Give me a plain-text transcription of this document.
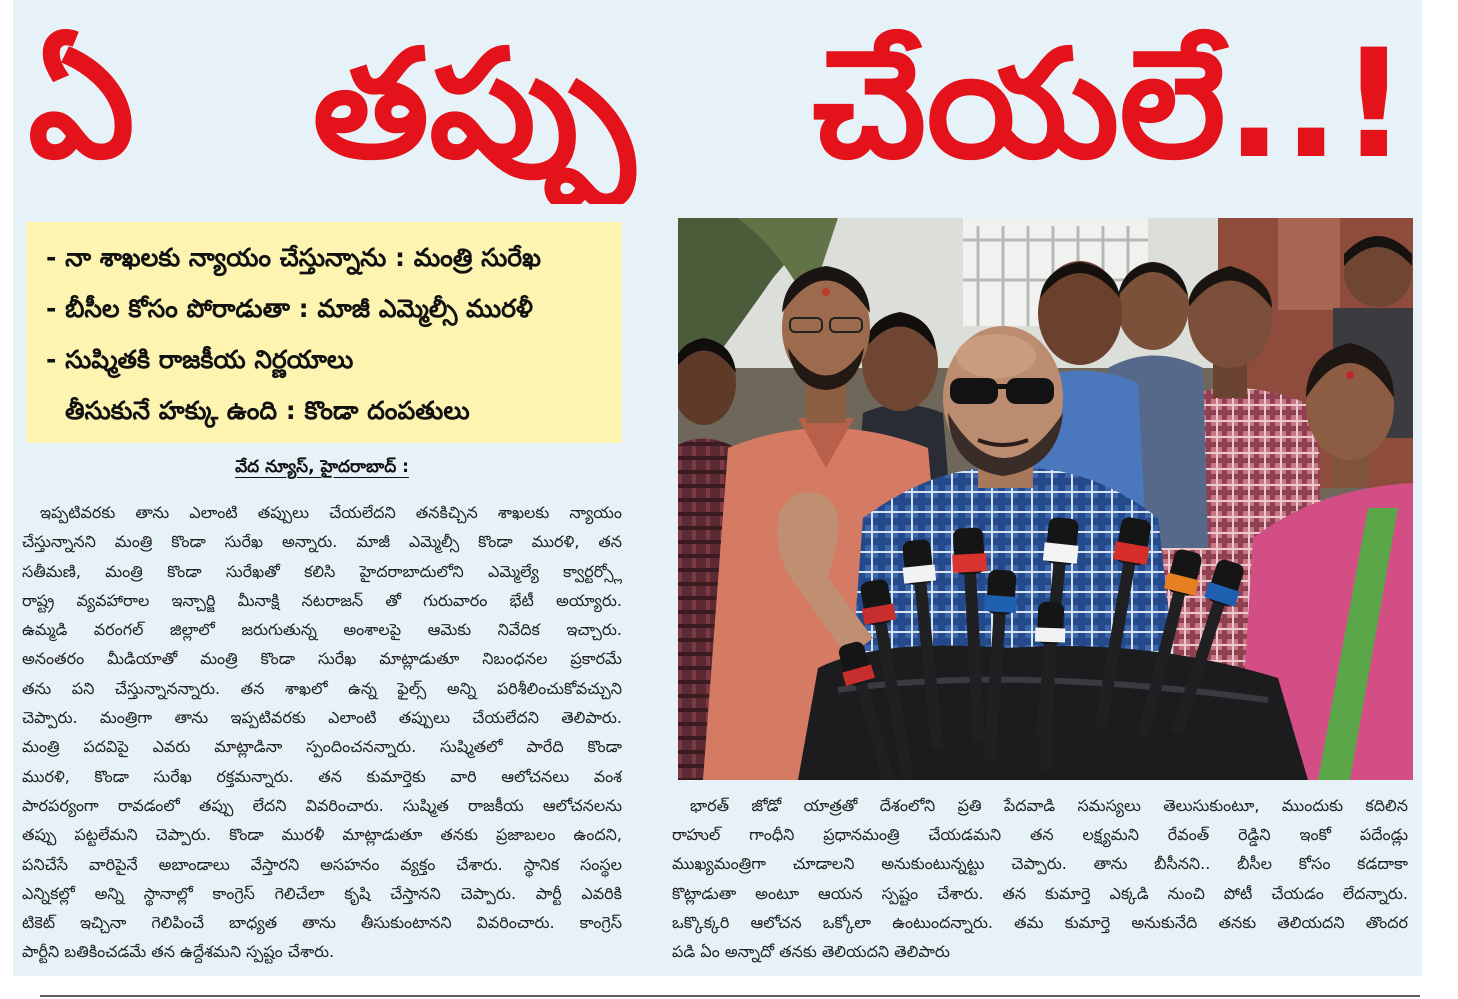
ఏ తప్పు చేయలే..!
- నా శాఖలకు న్యాయం చేస్తున్నాను : మంత్రి సురేఖ
- బీసీల కోసం పోరాడుతా : మాజీ ఎమ్మెల్సీ మురళీ
- సుష్మితకి రాజకీయ నిర్ణయాలు
తీసుకునే హక్కు ఉంది : కొండా దంపతులు
వేద న్యూస్, హైదరాబాద్ :
ఇప్పటివరకు తాను ఎలాంటి తప్పులు చేయలేదని తనకిచ్చిన శాఖలకు న్యాయం
చేస్తున్నానని మంత్రి కొండా సురేఖ అన్నారు. మాజీ ఎమ్మెల్సీ కొండా మురళి, తన
సతీమణి, మంత్రి కొండా సురేఖతో కలిసి హైదరాబాదులోని ఎమ్మెల్యే క్వార్టర్స్లో
రాష్ట్ర వ్యవహారాల ఇన్చార్జి మీనాక్షి నటరాజన్ తో గురువారం భేటీ అయ్యారు.
ఉమ్మడి వరంగల్ జిల్లాలో జరుగుతున్న అంశాలపై ఆమెకు నివేదిక ఇచ్చారు.
అనంతరం మీడియాతో మంత్రి కొండా సురేఖ మాట్లాడుతూ నిబంధనల ప్రకారమే
తను పని చేస్తున్నానన్నారు. తన శాఖలో ఉన్న ఫైల్స్ అన్ని పరిశీలించుకోవచ్చుని
చెప్పారు. మంత్రిగా తాను ఇప్పటివరకు ఎలాంటి తప్పులు చేయలేదని తెలిపారు.
మంత్రి పదవిపై ఎవరు మాట్లాడినా స్పందించనన్నారు. సుష్మితలో పారేది కొండా
మురళి, కొండా సురేఖ రక్తమన్నారు. తన కుమార్తెకు వారి ఆలోచనలు వంశ
పారపర్యంగా రావడంలో తప్పు లేదని వివరించారు. సుష్మిత రాజకీయ ఆలోచనలను
తప్పు పట్టలేమని చెప్పారు. కొండా మురళీ మాట్లాడుతూ తనకు ప్రజాబలం ఉందని,
పనిచేసే వారిపైనే అబాండాలు వేస్తారని అసహనం వ్యక్తం చేశారు. స్థానిక సంస్థల
ఎన్నికల్లో అన్ని స్థానాల్లో కాంగ్రెస్ గెలిచేలా కృషి చేస్తానని చెప్పారు. పార్టీ ఎవరికి
టికెట్ ఇచ్చినా గెలిపించే బాధ్యత తాను తీసుకుంటానని వివరించారు. కాంగ్రెస్
పార్టీని బతికించడమే తన ఉద్దేశమని స్పష్టం చేశారు.
భారత్ జోడో యాత్రతో దేశంలోని ప్రతి పేదవాడి సమస్యలు తెలుసుకుంటూ, ముందుకు కదిలిన
రాహుల్ గాంధీని ప్రధానమంత్రి చేయడమని తన లక్ష్యమని రేవంత్ రెడ్డిని ఇంకో పదేండ్లు
ముఖ్యమంత్రిగా చూడాలని అనుకుంటున్నట్టు చెప్పారు. తాను బీసీనని.. బీసీల కోసం కడదాకా
కొట్లాడుతా అంటూ ఆయన స్పష్టం చేశారు. తన కుమార్తె ఎక్కడి నుంచి పోటీ చేయడం లేదన్నారు.
ఒక్కొక్కరి ఆలోచన ఒక్కోలా ఉంటుందన్నారు. తమ కుమార్తె అనుకునేది తనకు తెలియదని తొందర
పడి ఏం అన్నాదో తనకు తెలియదని తెలిపారు
